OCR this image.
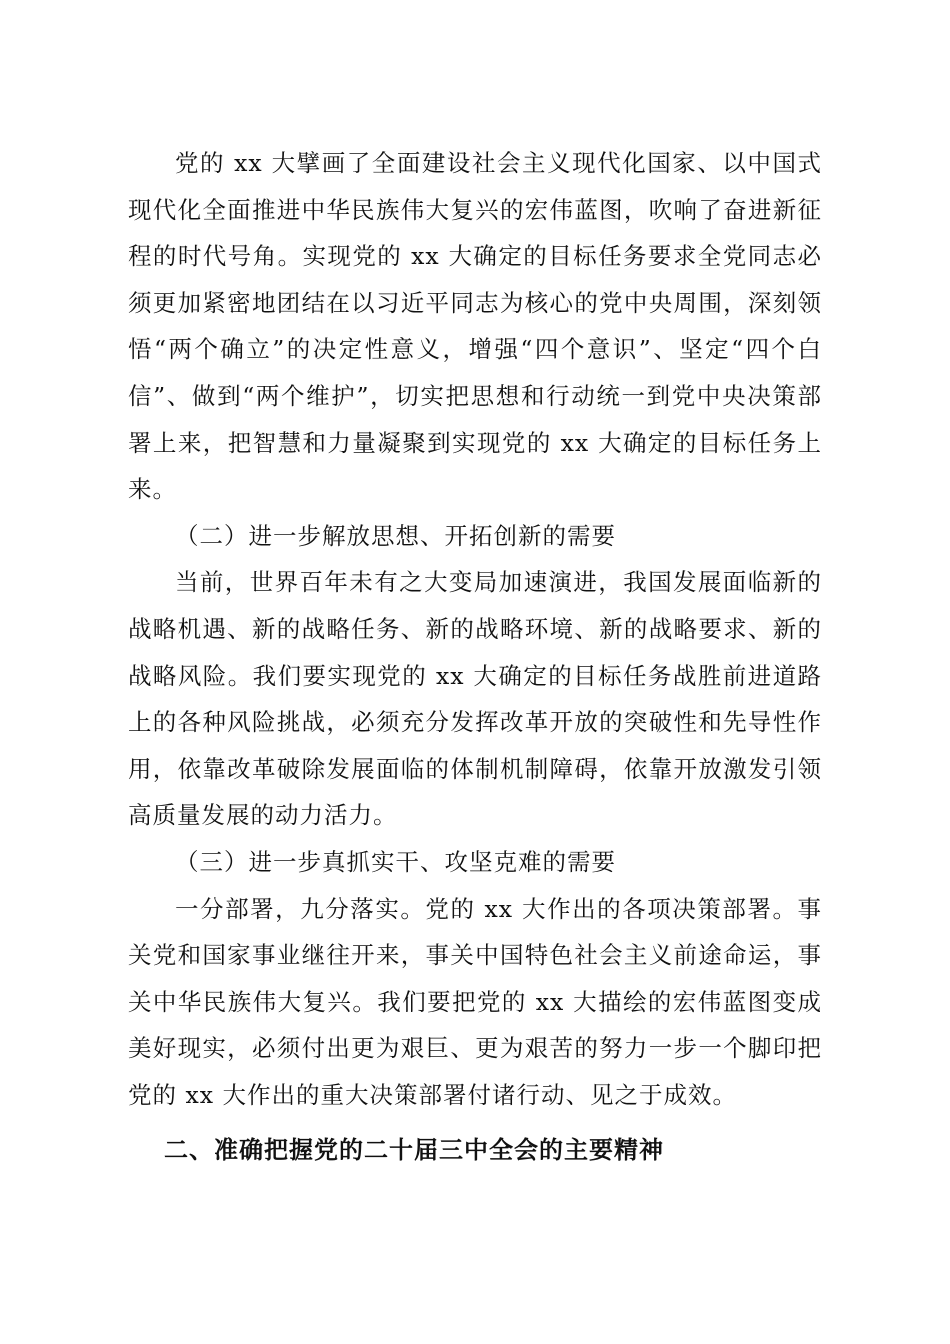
党的 xx 大擘画了全面建设社会主义现代化国家、以中国式现代化全面推进中华民族伟大复兴的宏伟蓝图，吹响了奋进新征程的时代号角。实现党的 xx 大确定的目标任务要求全党同志必须更加紧密地团结在以习近平同志为核心的党中央周围，深刻领悟“两个确立”的决定性意义，增强“四个意识”、坚定“四个白信”、做到“两个维护”，切实把思想和行动统一到党中央决策部署上来，把智慧和力量凝聚到实现党的 xx 大确定的目标任务上来。

（二）进一步解放思想、开拓创新的需要

当前，世界百年未有之大变局加速演进，我国发展面临新的战略机遇、新的战略任务、新的战略环境、新的战略要求、新的战略风险。我们要实现党的 xx 大确定的目标任务战胜前进道路上的各种风险挑战，必须充分发挥改革开放的突破性和先导性作用，依靠改革破除发展面临的体制机制障碍，依靠开放激发引领高质量发展的动力活力。

（三）进一步真抓实干、攻坚克难的需要

一分部署，九分落实。党的 xx 大作出的各项决策部署。事关党和国家事业继往开来，事关中国特色社会主义前途命运，事关中华民族伟大复兴。我们要把党的 xx 大描绘的宏伟蓝图变成美好现实，必须付出更为艰巨、更为艰苦的努力一步一个脚印把党的 xx 大作出的重大决策部署付诸行动、见之于成效。

二、准确把握党的二十届三中全会的主要精神
